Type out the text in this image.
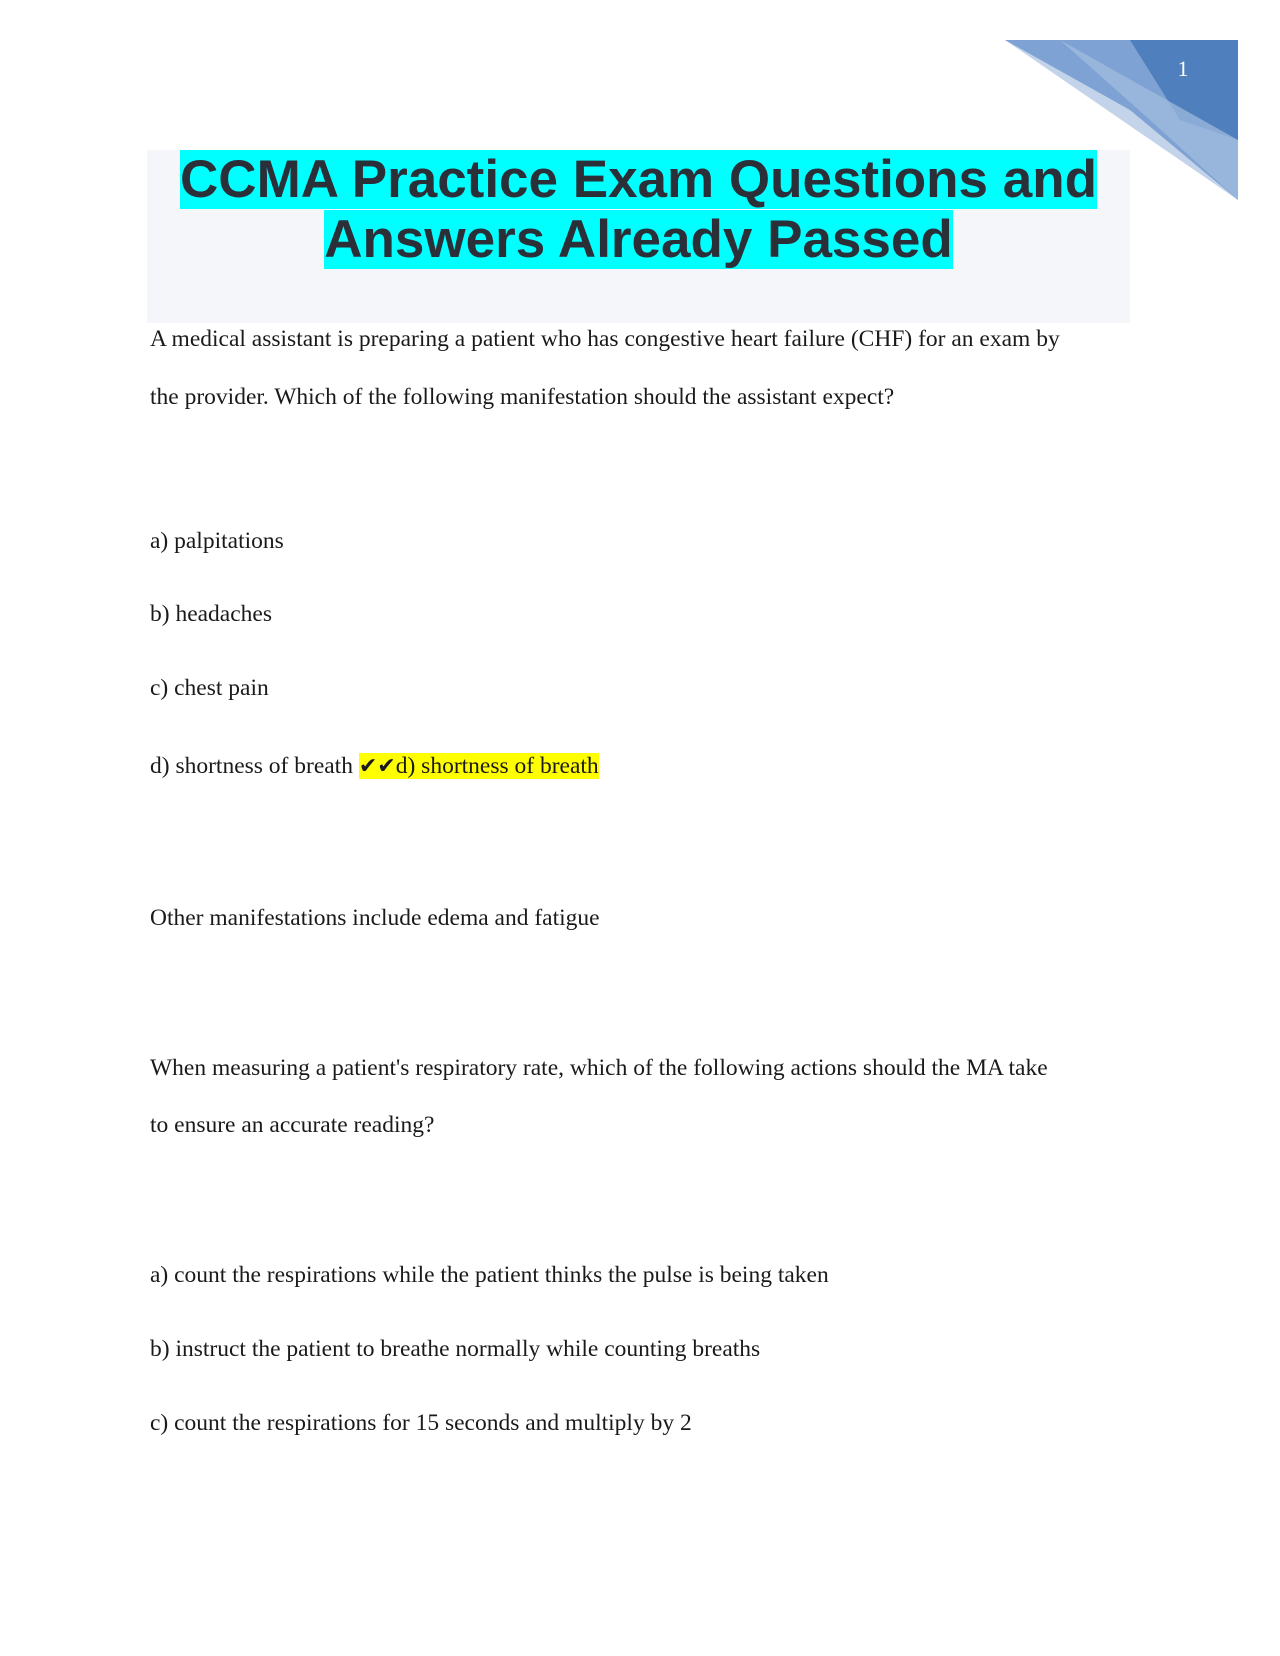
1
CCMA Practice Exam Questions and
Answers Already Passed

A medical assistant is preparing a patient who has congestive heart failure (CHF) for an exam by

the provider. Which of the following manifestation should the assistant expect?

a) palpitations

b) headaches

c) chest pain

d) shortness of breath ✔✔d) shortness of breath

Other manifestations include edema and fatigue

When measuring a patient's respiratory rate, which of the following actions should the MA take

to ensure an accurate reading?

a) count the respirations while the patient thinks the pulse is being taken

b) instruct the patient to breathe normally while counting breaths

c) count the respirations for 15 seconds and multiply by 2
